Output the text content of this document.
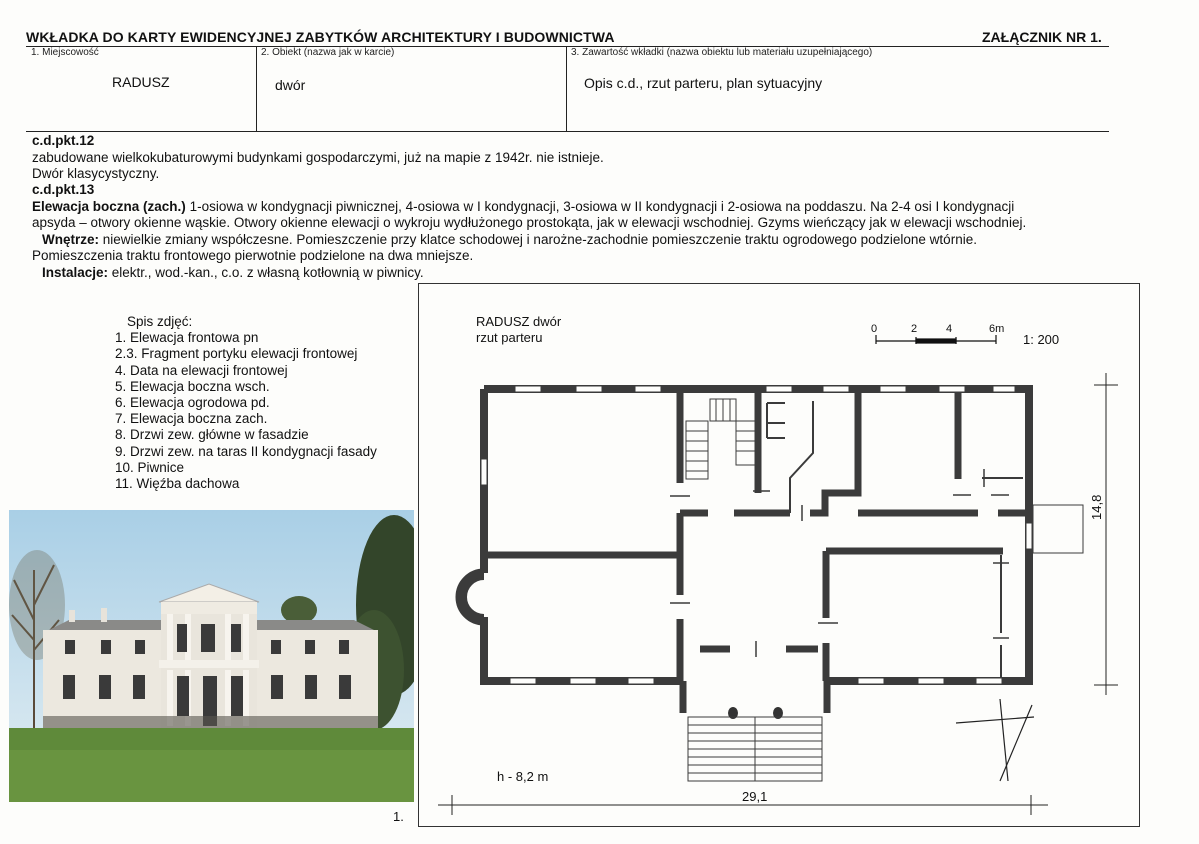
WKŁADKA DO KARTY EWIDENCYJNEJ ZABYTKÓW ARCHITEKTURY I BUDOWNICTWA	ZAŁĄCZNIK NR 1.
1. Miejscowość
RADUSZ
2. Obiekt (nazwa jak w karcie)
dwór
3. Zawartość wkładki (nazwa obiektu lub materiału uzupełniającego)
Opis c.d., rzut parteru, plan sytuacyjny
c.d.pkt.12
zabudowane wielkokubaturowymi budynkami gospodarczymi, już na mapie z 1942r. nie istnieje.
Dwór klasycystyczny.
c.d.pkt.13
Elewacja boczna (zach.) 1-osiowa w kondygnacji piwnicznej, 4-osiowa w I kondygnacji, 3-osiowa w II kondygnacji i 2-osiowa na poddaszu. Na 2-4 osi I kondygnacji
apsyda – otwory okienne wąskie. Otwory okienne elewacji o wykroju wydłużonego prostokąta, jak w elewacji wschodniej. Gzyms wieńczący jak w elewacji wschodniej.
Wnętrze: niewielkie zmiany współczesne. Pomieszczenie przy klatce schodowej i narożne-zachodnie pomieszczenie traktu ogrodowego podzielone wtórnie.
Pomieszczenia traktu frontowego pierwotnie podzielone na dwa mniejsze.
Instalacje: elektr., wod.-kan., c.o. z własną kotłownią w piwnicy.
Spis zdjęć:
1. Elewacja frontowa pn
2.3. Fragment portyku elewacji frontowej
4. Data na elewacji frontowej
5. Elewacja boczna wsch.
6. Elewacja ogrodowa pd.
7. Elewacja boczna zach.
8. Drzwi zew. główne w fasadzie
9. Drzwi zew. na taras II kondygnacji fasady
10. Piwnice
11. Więźba dachowa
1.
RADUSZ dwór
rzut parteru
0	2	4	6m
1: 200
h - 8,2 m
29,1
14,8
